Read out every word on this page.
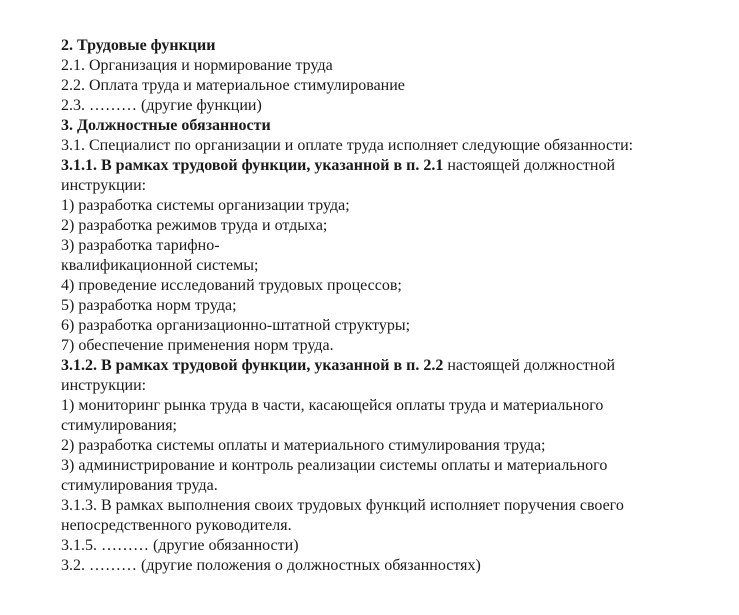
2. Трудовые функции
2.1. Организация и нормирование труда
2.2. Оплата труда и материальное стимулирование
2.3. ……… (другие функции)
3. Должностные обязанности
3.1. Специалист по организации и оплате труда исполняет следующие обязанности:
3.1.1. В рамках трудовой функции, указанной в п. 2.1 настоящей должностной
инструкции:
1) разработка системы организации труда;
2) разработка режимов труда и отдыха;
3) разработка тарифно-
квалификационной системы;
4) проведение исследований трудовых процессов;
5) разработка норм труда;
6) разработка организационно-штатной структуры;
7) обеспечение применения норм труда.
3.1.2. В рамках трудовой функции, указанной в п. 2.2 настоящей должностной
инструкции:
1) мониторинг рынка труда в части, касающейся оплаты труда и материального
стимулирования;
2) разработка системы оплаты и материального стимулирования труда;
3) администрирование и контроль реализации системы оплаты и материального
стимулирования труда.
3.1.3. В рамках выполнения своих трудовых функций исполняет поручения своего
непосредственного руководителя.
3.1.5. ……… (другие обязанности)
3.2. ……… (другие положения о должностных обязанностях)
